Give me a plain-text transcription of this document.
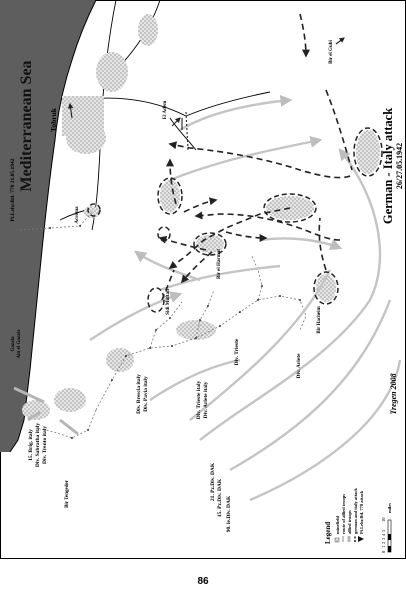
Mediterranean Sea Tobruk
Pi.Lehr.Btl. 778 21.05.1942
Bir el Gubi
El Adem
Acroma
Bir el Harmat
Sidi Muftah
Bir Hacheim
Bir Tengeder
Gazala Ain el Gazala	Div. Trieste
Div. Ariete
Div. Brescia italy Div. Pavia italy	Div. Trieste italy Div. Ariete italy
15. Brig. italy Div. Sabratha italy Div. Trento italy
21. Pz.Div. DAK 15. Pz.Div. DAK 90. le.Div. DAK
German - Italy attack 26/27.05.1942
Tregen 2008
Legend minefield route of allied troops allied troops german and italy attack Pi.Lehr.Btl. 778 attack
0
1
2
3
4
5
10
miles
86
